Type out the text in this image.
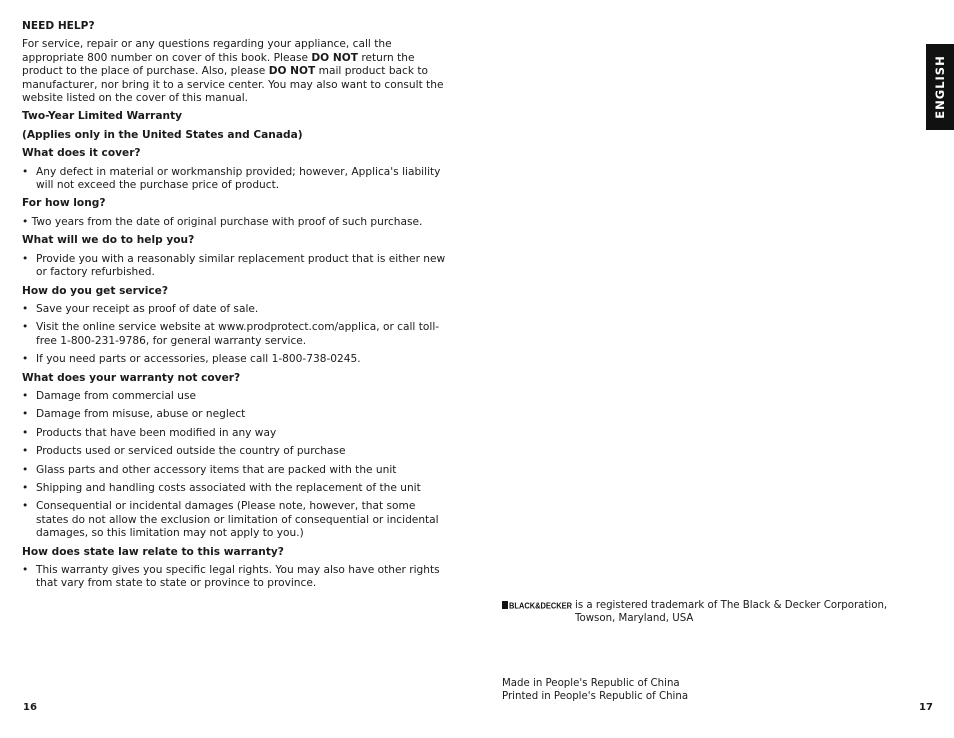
NEED HELP?
For service, repair or any questions regarding your appliance, call the appropriate 800 number on cover of this book. Please DO NOT return the product to the place of purchase. Also, please DO NOT mail product back to manufacturer, nor bring it to a service center. You may also want to consult the website listed on the cover of this manual.
Two-Year Limited Warranty
(Applies only in the United States and Canada)
What does it cover?
• Any defect in material or workmanship provided; however, Applica's liability will not exceed the purchase price of product.
For how long?
• Two years from the date of original purchase with proof of such purchase.
What will we do to help you?
• Provide you with a reasonably similar replacement product that is either new or factory refurbished.
How do you get service?
• Save your receipt as proof of date of sale.
• Visit the online service website at www.prodprotect.com/applica, or call toll-free 1-800-231-9786, for general warranty service.
• If you need parts or accessories, please call 1-800-738-0245.
What does your warranty not cover?
• Damage from commercial use
• Damage from misuse, abuse or neglect
• Products that have been modified in any way
• Products used or serviced outside the country of purchase
• Glass parts and other accessory items that are packed with the unit
• Shipping and handling costs associated with the replacement of the unit
• Consequential or incidental damages (Please note, however, that some states do not allow the exclusion or limitation of consequential or incidental damages, so this limitation may not apply to you.)
How does state law relate to this warranty?
• This warranty gives you specific legal rights. You may also have other rights that vary from state to state or province to province.
BLACK&DECKER is a registered trademark of The Black & Decker Corporation,
Towson, Maryland, USA
Made in People's Republic of China
Printed in People's Republic of China
16	17
ENGLISH
